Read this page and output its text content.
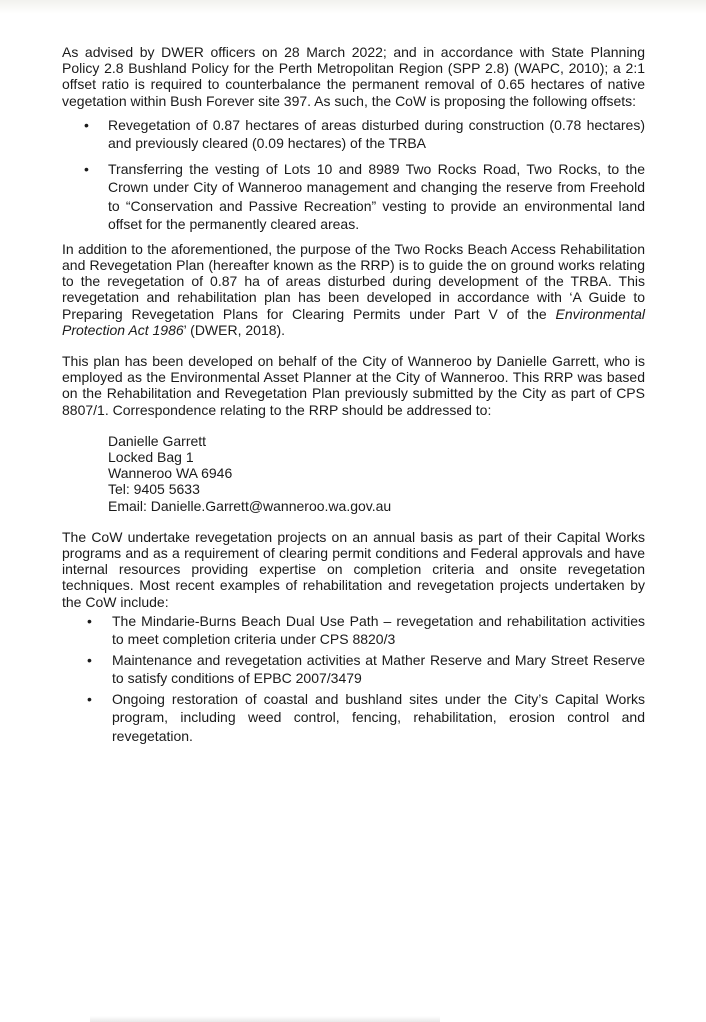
As advised by DWER officers on 28 March 2022; and in accordance with State Planning Policy 2.8 Bushland Policy for the Perth Metropolitan Region (SPP 2.8) (WAPC, 2010); a 2:1 offset ratio is required to counterbalance the permanent removal of 0.65 hectares of native vegetation within Bush Forever site 397. As such, the CoW is proposing the following offsets:

• Revegetation of 0.87 hectares of areas disturbed during construction (0.78 hectares) and previously cleared (0.09 hectares) of the TRBA
• Transferring the vesting of Lots 10 and 8989 Two Rocks Road, Two Rocks, to the Crown under City of Wanneroo management and changing the reserve from Freehold to “Conservation and Passive Recreation” vesting to provide an environmental land offset for the permanently cleared areas.

In addition to the aforementioned, the purpose of the Two Rocks Beach Access Rehabilitation and Revegetation Plan (hereafter known as the RRP) is to guide the on ground works relating to the revegetation of 0.87 ha of areas disturbed during development of the TRBA. This revegetation and rehabilitation plan has been developed in accordance with ‘A Guide to Preparing Revegetation Plans for Clearing Permits under Part V of the Environmental Protection Act 1986’ (DWER, 2018).

This plan has been developed on behalf of the City of Wanneroo by Danielle Garrett, who is employed as the Environmental Asset Planner at the City of Wanneroo. This RRP was based on the Rehabilitation and Revegetation Plan previously submitted by the City as part of CPS 8807/1. Correspondence relating to the RRP should be addressed to:

Danielle Garrett
Locked Bag 1
Wanneroo WA 6946
Tel: 9405 5633
Email: Danielle.Garrett@wanneroo.wa.gov.au

The CoW undertake revegetation projects on an annual basis as part of their Capital Works programs and as a requirement of clearing permit conditions and Federal approvals and have internal resources providing expertise on completion criteria and onsite revegetation techniques. Most recent examples of rehabilitation and revegetation projects undertaken by the CoW include:

• The Mindarie-Burns Beach Dual Use Path – revegetation and rehabilitation activities to meet completion criteria under CPS 8820/3
• Maintenance and revegetation activities at Mather Reserve and Mary Street Reserve to satisfy conditions of EPBC 2007/3479
• Ongoing restoration of coastal and bushland sites under the City’s Capital Works program, including weed control, fencing, rehabilitation, erosion control and revegetation.
